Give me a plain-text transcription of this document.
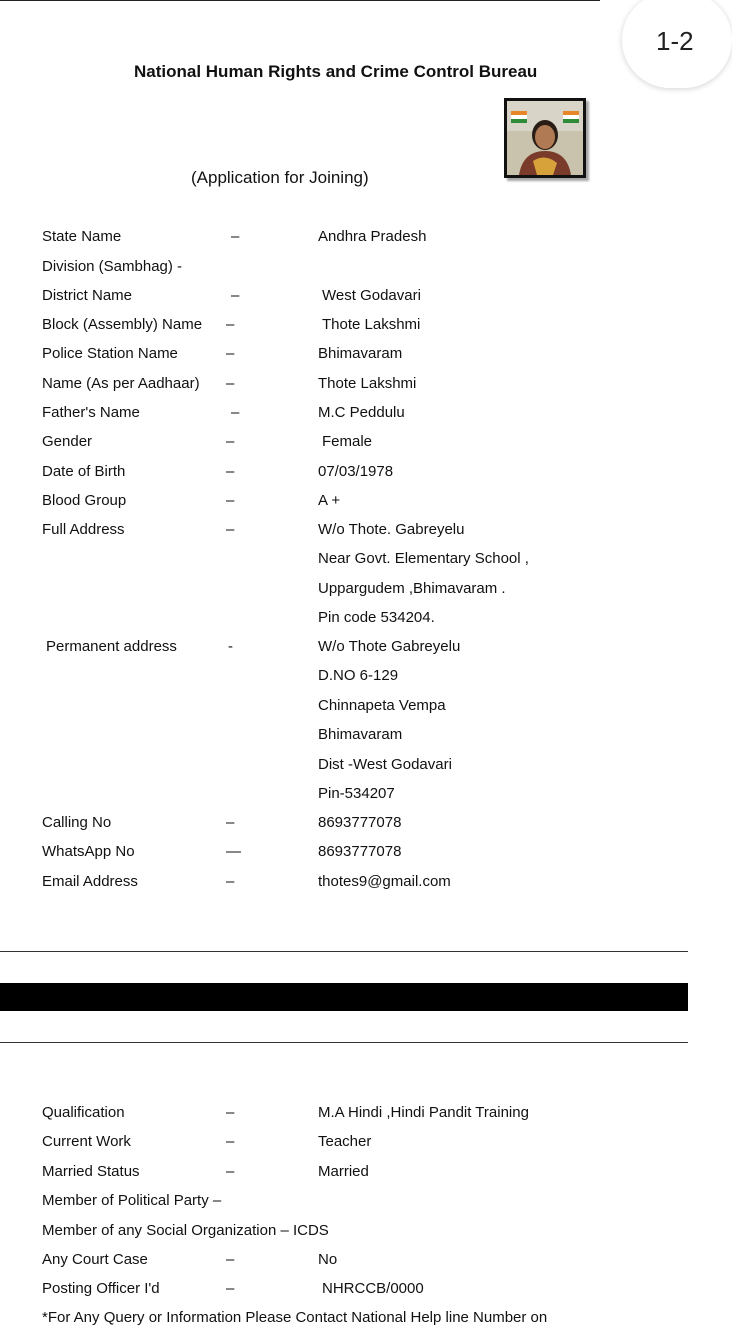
1-2
National Human Rights and Crime Control Bureau
(Application for Joining)
State Name	–	Andhra Pradesh
Division (Sambhag) -
District Name	–	West Godavari
Block (Assembly) Name –	Thote Lakshmi
Police Station Name	–	Bhimavaram
Name (As per Aadhaar) –	Thote Lakshmi
Father's Name	–	M.C Peddulu
Gender	–	Female
Date of Birth	–	07/03/1978
Blood Group	–	A +
Full Address	–	W/o Thote. Gabreyelu
Near Govt. Elementary School ,
Uppargudem ,Bhimavaram .
Pin code 534204.
Permanent address	-	W/o Thote Gabreyelu
D.NO 6-129
Chinnapeta Vempa
Bhimavaram
Dist -West Godavari
Pin-534207
Calling No	–	8693777078
WhatsApp No	—	8693777078
Email Address	–	thotes9@gmail.com
Qualification	–	M.A Hindi ,Hindi Pandit Training
Current Work	–	Teacher
Married Status	–	Married
Member of Political Party –
Member of any Social Organization – ICDS
Any Court Case	–	No
Posting Officer I'd	–	NHRCCB/0000
*For Any Query or Information Please Contact National Help line Number on
